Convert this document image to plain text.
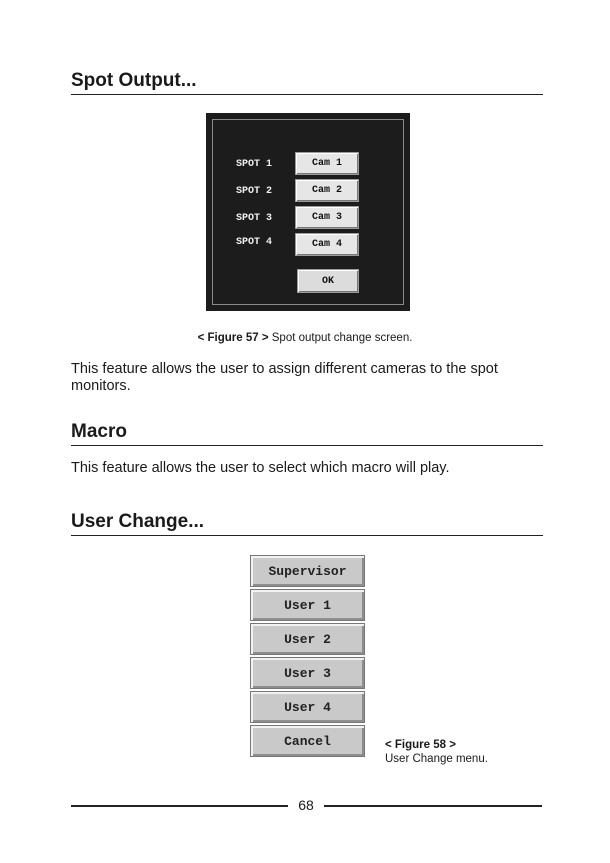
Spot Output...
SPOT 1	Cam 1
SPOT 2	Cam 2
SPOT 3	Cam 3
SPOT 4	Cam 4
OK
< Figure 57 > Spot output change screen.
This feature allows the user to assign different cameras to the spot monitors.
Macro
This feature allows the user to select which macro will play.
User Change...
Supervisor
User 1
User 2
User 3
User 4
Cancel	< Figure 58 >
User Change menu.
68
